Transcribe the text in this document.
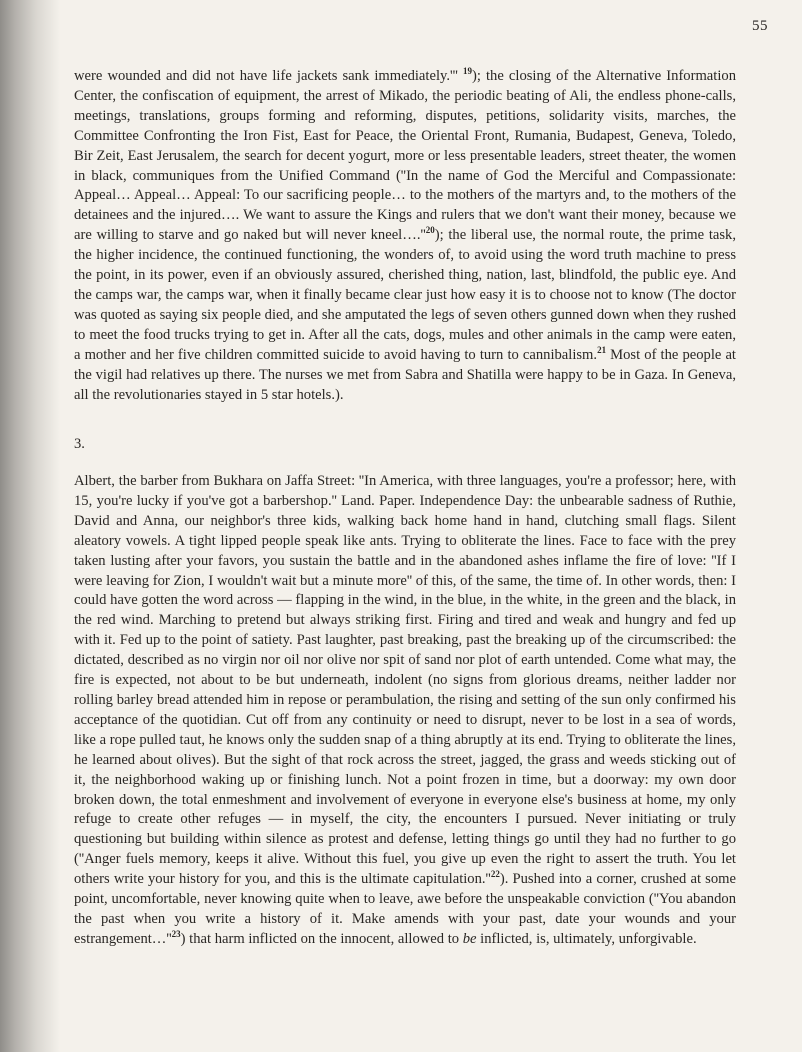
55

were wounded and did not have life jackets sank immediately.''' $^{19}$); the closing of the Alternative Information Center, the confiscation of equipment, the arrest of Mikado, the periodic beating of Ali, the endless phone-calls, meetings, translations, groups forming and reforming, disputes, petitions, solidarity visits, marches, the Committee Confronting the Iron Fist, East for Peace, the Oriental Front, Rumania, Budapest, Geneva, Toledo, Bir Zeit, East Jerusalem, the search for decent yogurt, more or less presentable leaders, street theater, the women in black, communiques from the Unified Command (''In the name of God the Merciful and Compassionate: Appeal… Appeal… Appeal: To our sacrificing people… to the mothers of the martyrs and, to the mothers of the detainees and the injured…. We want to assure the Kings and rulers that we don't want their money, because we are willing to starve and go naked but will never kneel….''$^{20}$); the liberal use, the normal route, the prime task, the higher incidence, the continued functioning, the wonders of, to avoid using the word truth machine to press the point, in its power, even if an obviously assured, cherished thing, nation, last, blindfold, the public eye. And the camps war, the camps war, when it finally became clear just how easy it is to choose not to know (The doctor was quoted as saying six people died, and she amputated the legs of seven others gunned down when they rushed to meet the food trucks trying to get in. After all the cats, dogs, mules and other animals in the camp were eaten, a mother and her five children committed suicide to avoid having to turn to cannibalism.$^{21}$ Most of the people at the vigil had relatives up there. The nurses we met from Sabra and Shatilla were happy to be in Gaza. In Geneva, all the revolutionaries stayed in 5 star hotels.).

3.

Albert, the barber from Bukhara on Jaffa Street: ''In America, with three languages, you're a professor; here, with 15, you're lucky if you've got a barbershop.'' Land. Paper. Independence Day: the unbearable sadness of Ruthie, David and Anna, our neighbor's three kids, walking back home hand in hand, clutching small flags. Silent aleatory vowels. A tight lipped people speak like ants. Trying to obliterate the lines. Face to face with the prey taken lusting after your favors, you sustain the battle and in the abandoned ashes inflame the fire of love: ''If I were leaving for Zion, I wouldn't wait but a minute more'' of this, of the same, the time of. In other words, then: I could have gotten the word across — flapping in the wind, in the blue, in the white, in the green and the black, in the red wind. Marching to pretend but always striking first. Firing and tired and weak and hungry and fed up with it. Fed up to the point of satiety. Past laughter, past breaking, past the breaking up of the circumscribed: the dictated, described as no virgin nor oil nor olive nor spit of sand nor plot of earth untended. Come what may, the fire is expected, not about to be but underneath, indolent (no signs from glorious dreams, neither ladder nor rolling barley bread attended him in repose or perambulation, the rising and setting of the sun only confirmed his acceptance of the quotidian. Cut off from any continuity or need to disrupt, never to be lost in a sea of words, like a rope pulled taut, he knows only the sudden snap of a thing abruptly at its end. Trying to obliterate the lines, he learned about olives). But the sight of that rock across the street, jagged, the grass and weeds sticking out of it, the neighborhood waking up or finishing lunch. Not a point frozen in time, but a doorway: my own door broken down, the total enmeshment and involvement of everyone in everyone else's business at home, my only refuge to create other refuges — in myself, the city, the encounters I pursued. Never initiating or truly questioning but building within silence as protest and defense, letting things go until they had no further to go (''Anger fuels memory, keeps it alive. Without this fuel, you give up even the right to assert the truth. You let others write your history for you, and this is the ultimate capitulation.''$^{22}$). Pushed into a corner, crushed at some point, uncomfortable, never knowing quite when to leave, awe before the unspeakable conviction (''You abandon the past when you write a history of it. Make amends with your past, date your wounds and your estrangement…''$^{23}$) that harm inflicted on the innocent, allowed to be inflicted, is, ultimately, unforgivable.
